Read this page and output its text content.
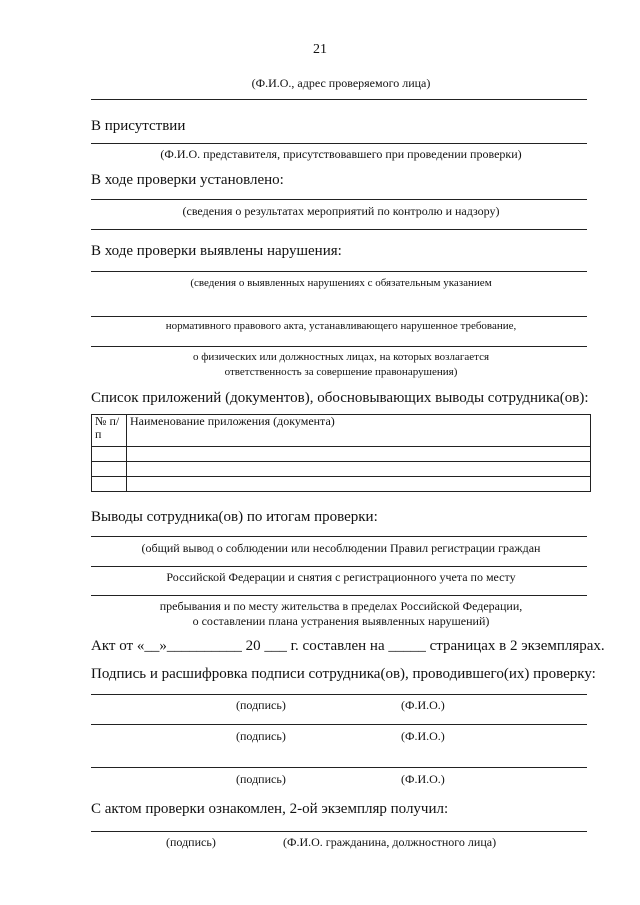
21
(Ф.И.О., адрес проверяемого лица)
В присутствии
(Ф.И.О. представителя, присутствовавшего при проведении проверки)
В ходе проверки установлено:
(сведения о результатах мероприятий по контролю и надзору)
В ходе проверки выявлены нарушения:
(сведения о выявленных нарушениях с обязательным указанием
нормативного правового акта, устанавливающего нарушенное требование,
о физических или должностных лицах, на которых возлагается
ответственность за совершение правонарушения)
Список приложений (документов), обосновывающих выводы сотрудника(ов):
№ п/п	Наименование приложения (документа)

Выводы сотрудника(ов) по итогам проверки:
(общий вывод о соблюдении или несоблюдении Правил регистрации граждан
Российской Федерации и снятия с регистрационного учета по месту
пребывания и по месту жительства в пределах Российской Федерации,
о составлении плана устранения выявленных нарушений)
Акт от «__»__________ 20 ___ г. составлен на _____ страницах в 2 экземплярах.
Подпись и расшифровка подписи сотрудника(ов), проводившего(их) проверку:
(подпись)	(Ф.И.О.)
(подпись)	(Ф.И.О.)
(подпись)	(Ф.И.О.)
С актом проверки ознакомлен, 2-ой экземпляр получил:
(подпись)	(Ф.И.О. гражданина, должностного лица)
